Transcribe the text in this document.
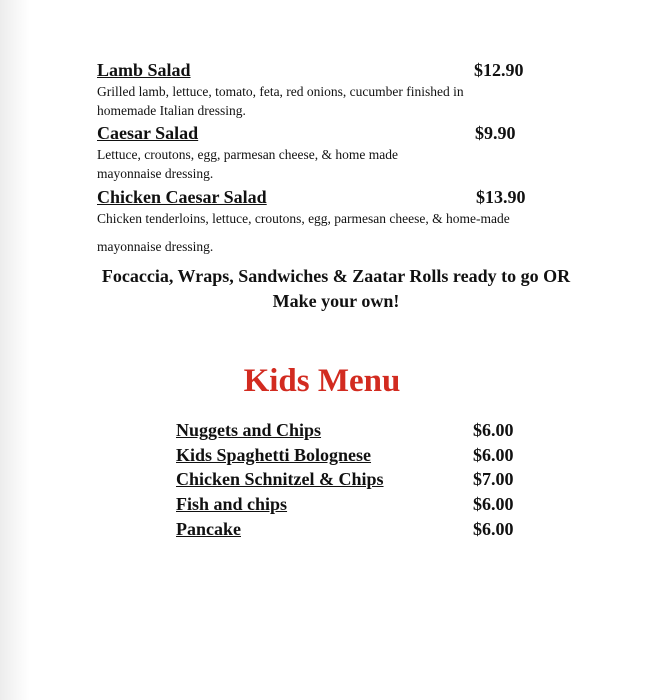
Lamb Salad	$12.90
Grilled lamb, lettuce, tomato, feta, red onions, cucumber finished in
homemade Italian dressing.
Caesar Salad	$9.90
Lettuce, croutons, egg, parmesan cheese, & home made
mayonnaise dressing.
Chicken Caesar Salad	$13.90
Chicken tenderloins, lettuce, croutons, egg, parmesan cheese, & home-made
mayonnaise dressing.
Focaccia, Wraps, Sandwiches & Zaatar Rolls ready to go OR
Make your own!
Kids Menu
Nuggets and Chips	$6.00
Kids Spaghetti Bolognese	$6.00
Chicken Schnitzel & Chips	$7.00
Fish and chips	$6.00
Pancake	$6.00
